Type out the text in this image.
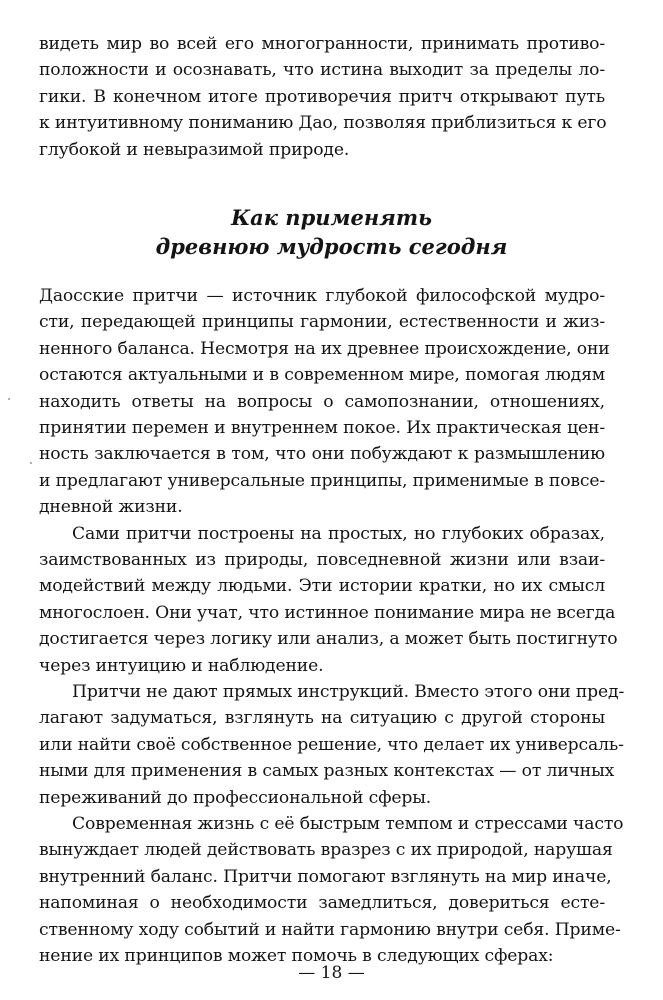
видеть мир во всей его многогранности, принимать противо-
положности и осознавать, что истина выходит за пределы ло-
гики. В конечном итоге противоречия притч открывают путь
к интуитивному пониманию Дао, позволяя приблизиться к его
глубокой и невыразимой природе.
Как применять
древнюю мудрость сегодня
Даосские притчи — источник глубокой философской мудро-
сти, передающей принципы гармонии, естественности и жиз-
ненного баланса. Несмотря на их древнее происхождение, они
остаются актуальными и в современном мире, помогая людям
находить ответы на вопросы о самопознании, отношениях,
принятии перемен и внутреннем покое. Их практическая цен-
ность заключается в том, что они побуждают к размышлению
и предлагают универсальные принципы, применимые в повсе-
дневной жизни.
Сами притчи построены на простых, но глубоких образах,
заимствованных из природы, повседневной жизни или взаи-
модействий между людьми. Эти истории кратки, но их смысл
многослоен. Они учат, что истинное понимание мира не всегда
достигается через логику или анализ, а может быть постигнуто
через интуицию и наблюдение.
Притчи не дают прямых инструкций. Вместо этого они пред-
лагают задуматься, взглянуть на ситуацию с другой стороны
или найти своё собственное решение, что делает их универсаль-
ными для применения в самых разных контекстах — от личных
переживаний до профессиональной сферы.
Современная жизнь с её быстрым темпом и стрессами часто
вынуждает людей действовать вразрез с их природой, нарушая
внутренний баланс. Притчи помогают взглянуть на мир иначе,
напоминая о необходимости замедлиться, довериться есте-
ственному ходу событий и найти гармонию внутри себя. Приме-
— 18 —
нение их принципов может помочь в следующих сферах:
